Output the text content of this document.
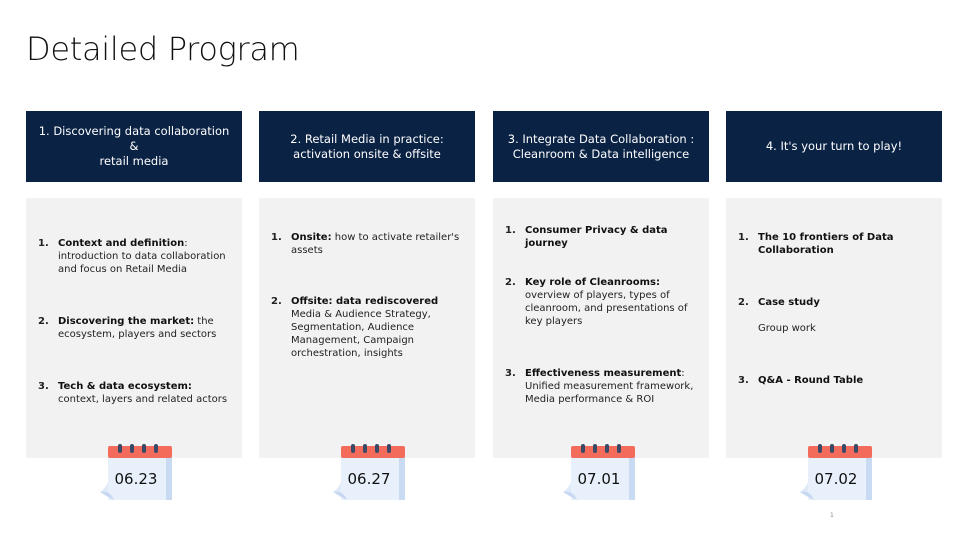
Detailed Program
1. Discovering data collaboration &
retail media
1. Context and definition: introduction to data collaboration and focus on Retail Media
2. Discovering the market: the ecosystem, players and sectors
3. Tech & data ecosystem: context, layers and related actors
06.23
2. Retail Media in practice:
activation onsite & offsite
1. Onsite: how to activate retailer's assets
2. Offsite: data rediscovered
Media & Audience Strategy, Segmentation, Audience Management, Campaign orchestration, insights
06.27
3. Integrate Data Collaboration :
Cleanroom & Data intelligence
1. Consumer Privacy & data journey
2. Key role of Cleanrooms:
overview of players, types of cleanroom, and presentations of key players
3. Effectiveness measurement: Unified measurement framework, Media performance & ROI
07.01
4. It's your turn to play!
1. The 10 frontiers of Data Collaboration
2. Case study
Group work
3. Q&A - Round Table
07.02
1
